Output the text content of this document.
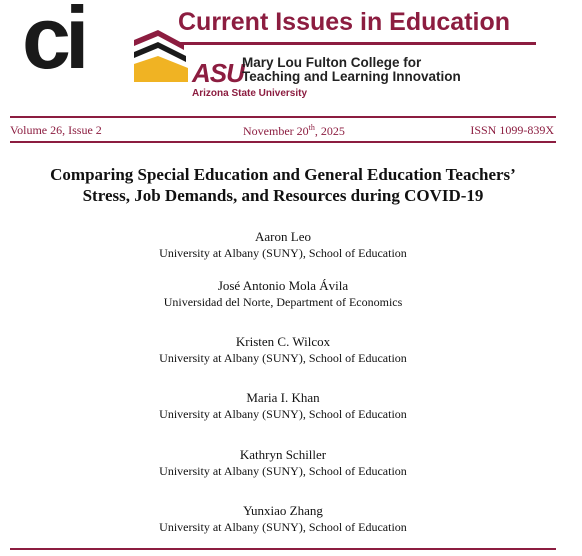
ci	Current Issues in Education
ASU
Mary Lou Fulton College for
Teaching and Learning Innovation
Arizona State University
Volume 26, Issue 2	November 20th, 2025	ISSN 1099-839X
Comparing Special Education and General Education Teachers’
Stress, Job Demands, and Resources during COVID-19
Aaron Leo
University at Albany (SUNY), School of Education
José Antonio Mola Ávila
Universidad del Norte, Department of Economics
Kristen C. Wilcox
University at Albany (SUNY), School of Education
Maria I. Khan
University at Albany (SUNY), School of Education
Kathryn Schiller
University at Albany (SUNY), School of Education
Yunxiao Zhang
University at Albany (SUNY), School of Education
